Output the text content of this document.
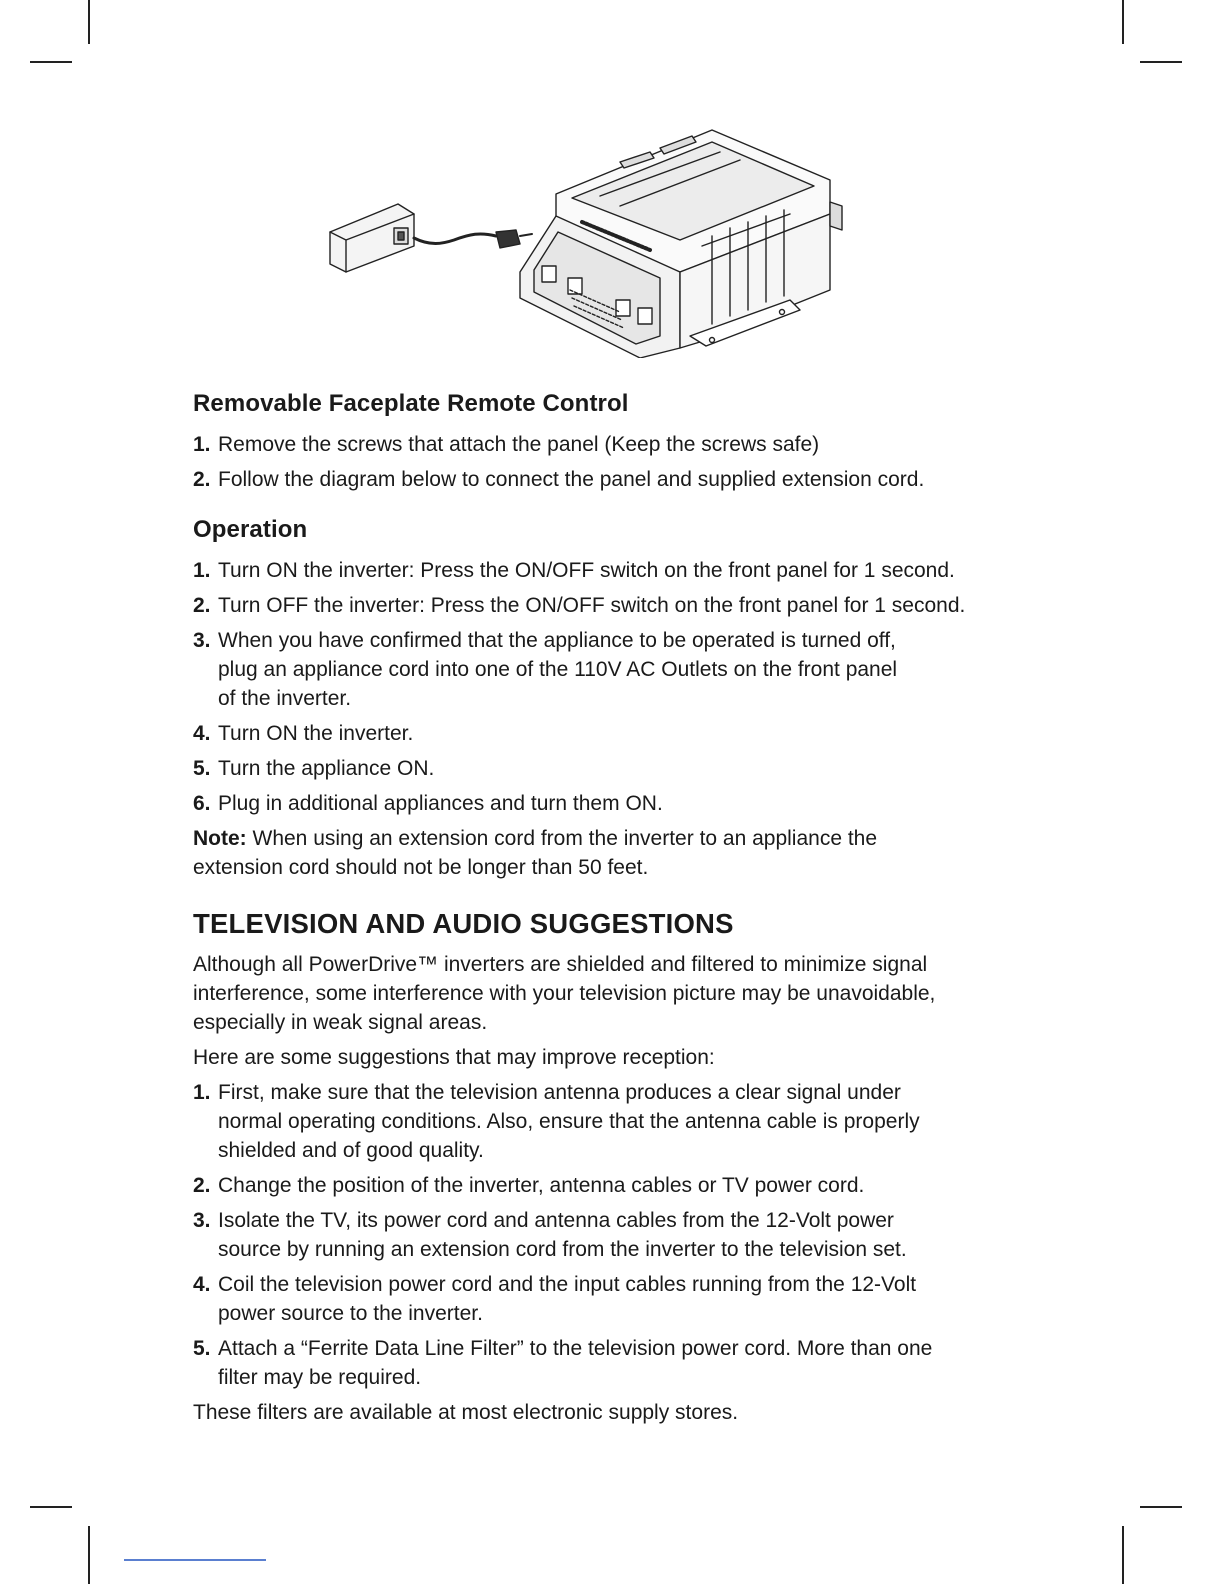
Removable Faceplate Remote Control
1. Remove the screws that attach the panel (Keep the screws safe)
2. Follow the diagram below to connect the panel and supplied extension cord.
Operation
1. Turn ON the inverter: Press the ON/OFF switch on the front panel for 1 second.
2. Turn OFF the inverter: Press the ON/OFF switch on the front panel for 1 second.
3. When you have confirmed that the appliance to be operated is turned off,
plug an appliance cord into one of the 110V AC Outlets on the front panel
of the inverter.
4. Turn ON the inverter.
5. Turn the appliance ON.
6. Plug in additional appliances and turn them ON.

Note: When using an extension cord from the inverter to an appliance the
extension cord should not be longer than 50 feet.

TELEVISION AND AUDIO SUGGESTIONS

Although all PowerDrive™ inverters are shielded and filtered to minimize signal
interference, some interference with your television picture may be unavoidable,
especially in weak signal areas.

Here are some suggestions that may improve reception:

1. First, make sure that the television antenna produces a clear signal under
normal operating conditions. Also, ensure that the antenna cable is properly
shielded and of good quality.
2. Change the position of the inverter, antenna cables or TV power cord.
3. Isolate the TV, its power cord and antenna cables from the 12-Volt power
source by running an extension cord from the inverter to the television set.
4. Coil the television power cord and the input cables running from the 12-Volt
power source to the inverter.
5. Attach a “Ferrite Data Line Filter” to the television power cord. More than one
filter may be required.

These filters are available at most electronic supply stores.
